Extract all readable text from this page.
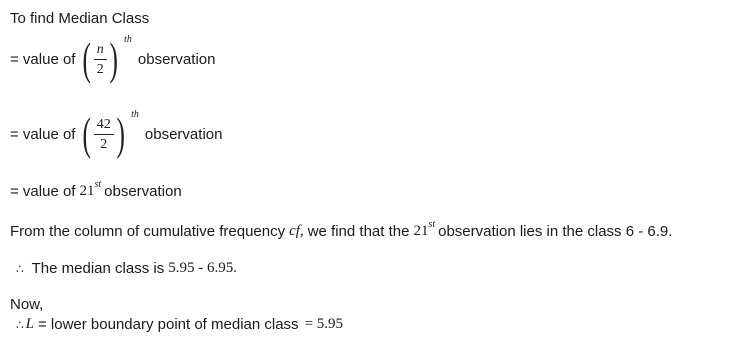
To find Median Class
= value of ( $\frac{n}{2}$ ) th
observation
= value of ( $\frac{42}{2}$ ) th
observation
= value of 21 st observation
From the column of cumulative frequency cf, we find that the 21 st observation lies in the class 6 - 6.9.
∴ The median class is 5.95 - 6.95.
Now,
∴ L = lower boundary point of median class = 5.95
